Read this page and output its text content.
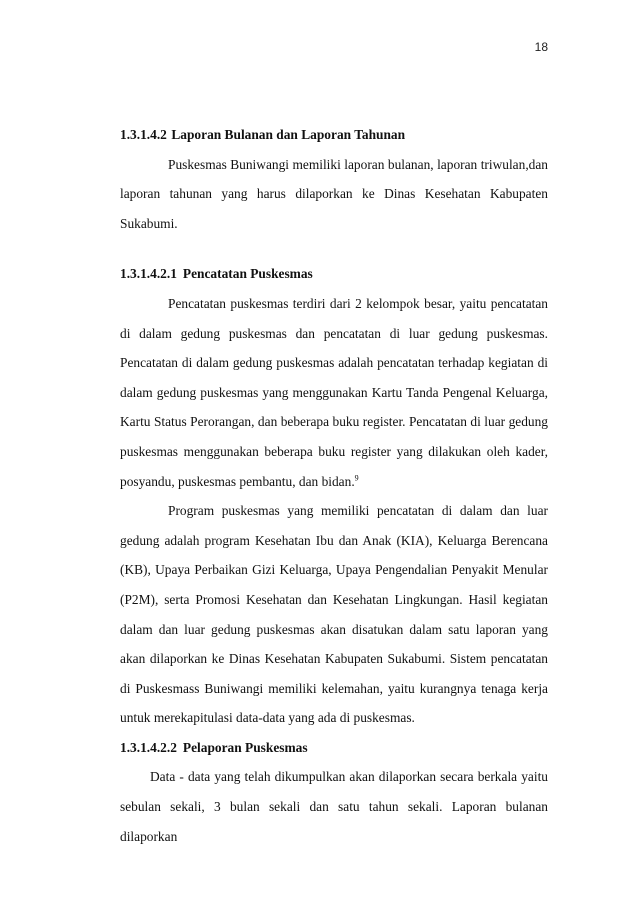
18
1.3.1.4.2 Laporan Bulanan dan Laporan Tahunan

Puskesmas Buniwangi memiliki laporan bulanan, laporan triwulan,dan laporan tahunan yang harus dilaporkan ke Dinas Kesehatan Kabupaten Sukabumi.

1.3.1.4.2.1 Pencatatan Puskesmas

Pencatatan puskesmas terdiri dari 2 kelompok besar, yaitu pencatatan di dalam gedung puskesmas dan pencatatan di luar gedung puskesmas. Pencatatan di dalam gedung puskesmas adalah pencatatan terhadap kegiatan di dalam gedung puskesmas yang menggunakan Kartu Tanda Pengenal Keluarga, Kartu Status Perorangan, dan beberapa buku register. Pencatatan di luar gedung puskesmas menggunakan beberapa buku register yang dilakukan oleh kader, posyandu, puskesmas pembantu, dan bidan.$^9$

Program puskesmas yang memiliki pencatatan di dalam dan luar gedung adalah program Kesehatan Ibu dan Anak (KIA), Keluarga Berencana (KB), Upaya Perbaikan Gizi Keluarga, Upaya Pengendalian Penyakit Menular (P2M), serta Promosi Kesehatan dan Kesehatan Lingkungan. Hasil kegiatan dalam dan luar gedung puskesmas akan disatukan dalam satu laporan yang akan dilaporkan ke Dinas Kesehatan Kabupaten Sukabumi. Sistem pencatatan di Puskesmass Buniwangi memiliki kelemahan, yaitu kurangnya tenaga kerja untuk merekapitulasi data-data yang ada di puskesmas.

1.3.1.4.2.2 Pelaporan Puskesmas

Data - data yang telah dikumpulkan akan dilaporkan secara berkala yaitu sebulan sekali, 3 bulan sekali dan satu tahun sekali. Laporan bulanan dilaporkan
